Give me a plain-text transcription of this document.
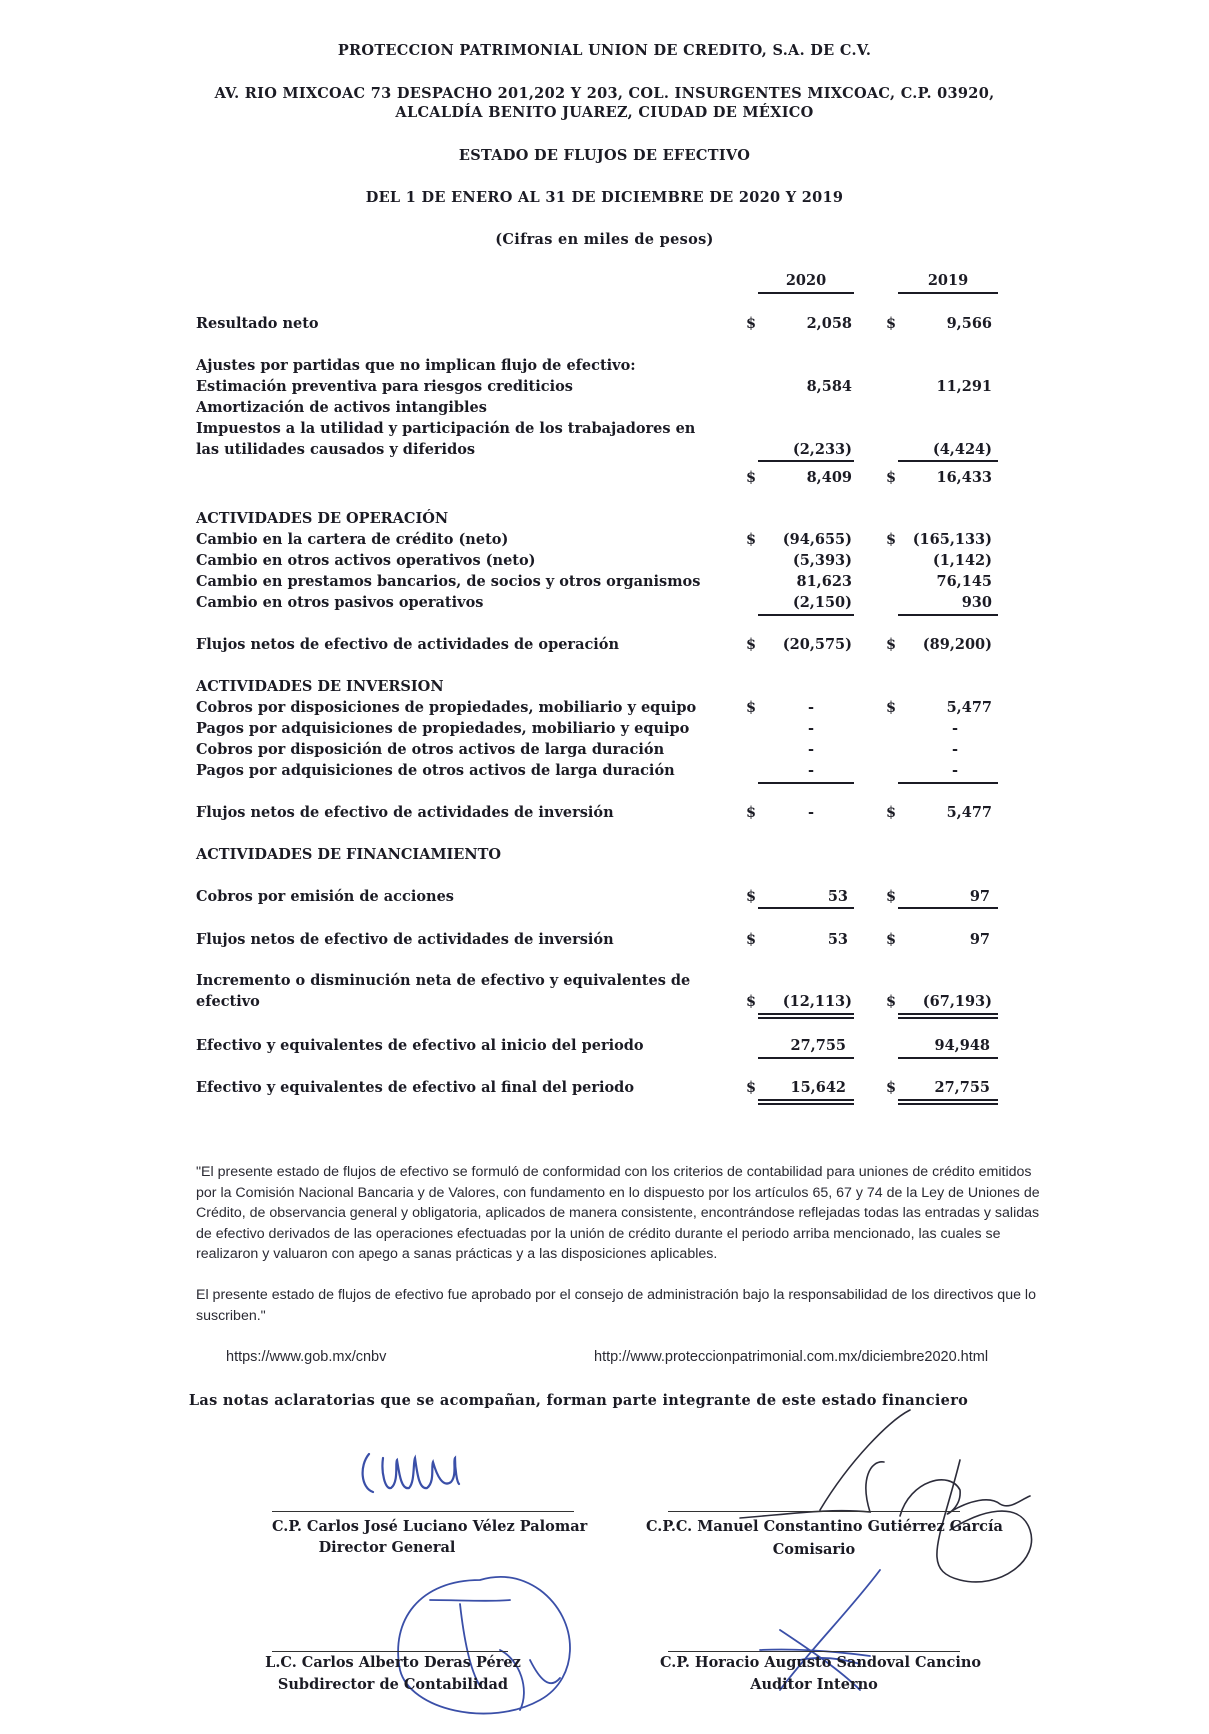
PROTECCION PATRIMONIAL UNION DE CREDITO, S.A. DE C.V.
AV. RIO MIXCOAC 73 DESPACHO 201,202 Y 203, COL. INSURGENTES MIXCOAC, C.P. 03920,
ALCALDÍA BENITO JUAREZ, CIUDAD DE MÉXICO
ESTADO DE FLUJOS DE EFECTIVO
DEL 1 DE ENERO AL 31 DE DICIEMBRE DE 2020 Y 2019
(Cifras en miles de pesos)
2020	2019
Resultado neto	$	2,058 $	9,566
Ajustes por partidas que no implican flujo de efectivo:
Estimación preventiva para riesgos crediticios	8,584	11,291
Amortización de activos intangibles
Impuestos a la utilidad y participación de los trabajadores en
las utilidades causados y diferidos	(2,233)	(4,424)
$	8,409 $	16,433
ACTIVIDADES DE OPERACIÓN
Cambio en la cartera de crédito (neto)	$	(94,655) $	(165,133)
Cambio en otros activos operativos (neto)	(5,393)	(1,142)
Cambio en prestamos bancarios, de socios y otros organismos	81,623	76,145
Cambio en otros pasivos operativos	(2,150)	930
Flujos netos de efectivo de actividades de operación	$	(20,575) $	(89,200)
ACTIVIDADES DE INVERSION
Cobros por disposiciones de propiedades, mobiliario y equipo	$	-	$	5,477
Pagos por adquisiciones de propiedades, mobiliario y equipo	-	-
Cobros por disposición de otros activos de larga duración	-	-
Pagos por adquisiciones de otros activos de larga duración	-	-
Flujos netos de efectivo de actividades de inversión	$	-	$	5,477
ACTIVIDADES DE FINANCIAMIENTO
Cobros por emisión de acciones	$	53	$	97
Flujos netos de efectivo de actividades de inversión	$	53	$	97
Incremento o disminución neta de efectivo y equivalentes de
efectivo	$	(12,113) $	(67,193)
Efectivo y equivalentes de efectivo al inicio del periodo	27,755	94,948
Efectivo y equivalentes de efectivo al final del periodo	$	15,642	$	27,755
"El presente estado de flujos de efectivo se formuló de conformidad con los criterios de contabilidad para uniones de crédito emitidos por la Comisión Nacional Bancaria y de Valores, con fundamento en lo dispuesto por los artículos 65, 67 y 74 de la Ley de Uniones de Crédito, de observancia general y obligatoria, aplicados de manera consistente, encontrándose reflejadas todas las entradas y salidas de efectivo derivados de las operaciones efectuadas por la unión de crédito durante el periodo arriba mencionado, las cuales se realizaron y valuaron con apego a sanas prácticas y a las disposiciones aplicables.
El presente estado de flujos de efectivo fue aprobado por el consejo de administración bajo la responsabilidad de los directivos que lo suscriben."
https://www.gob.mx/cnbv	http://www.proteccionpatrimonial.com.mx/diciembre2020.html
Las notas aclaratorias que se acompañan, forman parte integrante de este estado financiero
C.P. Carlos José Luciano Vélez Palomar
Director General
C.P.C. Manuel Constantino Gutiérrez García
Comisario
L.C. Carlos Alberto Deras Pérez
Subdirector de Contabilidad
C.P. Horacio Augusto Sandoval Cancino
Auditor Interno
